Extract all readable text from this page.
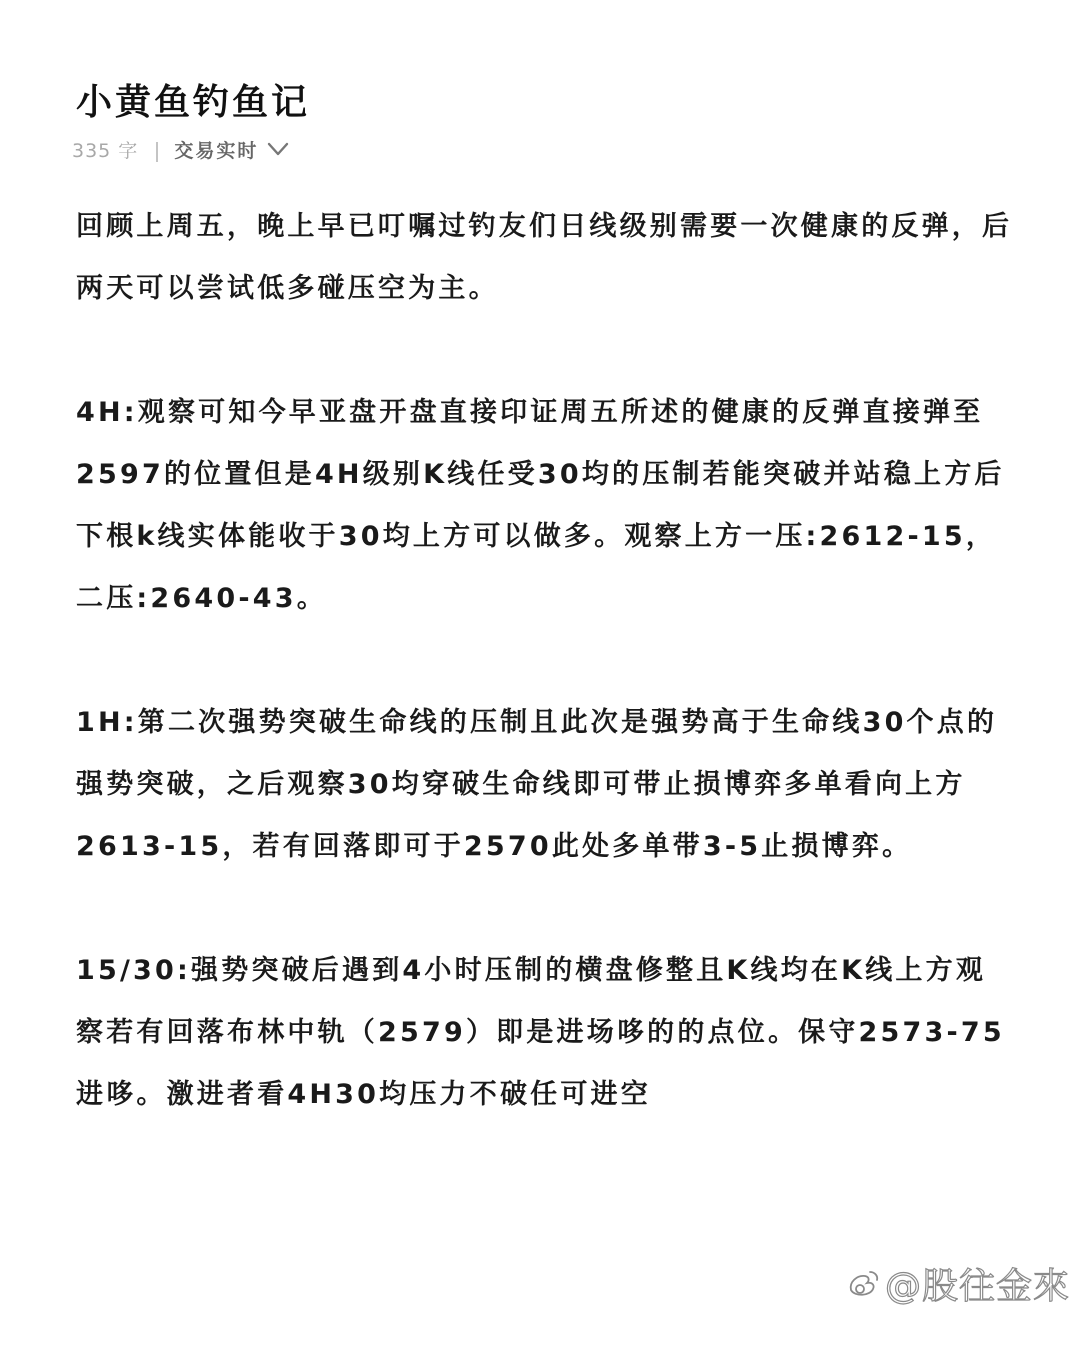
小黄鱼钓鱼记
335 字 交易实时

回顾上周五，晚上早已叮嘱过钓友们日线级别需要一次健康的反弹，后两天可以尝试低多碰压空为主。

4H:观察可知今早亚盘开盘直接印证周五所述的健康的反弹直接弹至2597的位置但是4H级别K线任受30均的压制若能突破并站稳上方后下根k线实体能收于30均上方可以做多。观察上方一压:2612-15，二压:2640-43。

1H:第二次强势突破生命线的压制且此次是强势高于生命线30个点的强势突破，之后观察30均穿破生命线即可带止损博弈多单看向上方2613-15，若有回落即可于2570此处多单带3-5止损博弈。

15/30:强势突破后遇到4小时压制的横盘修整且K线均在K线上方观察若有回落布林中轨（2579）即是进场哆的的点位。保守2573-75进哆。激进者看4H30均压力不破任可进空

@股往金來
